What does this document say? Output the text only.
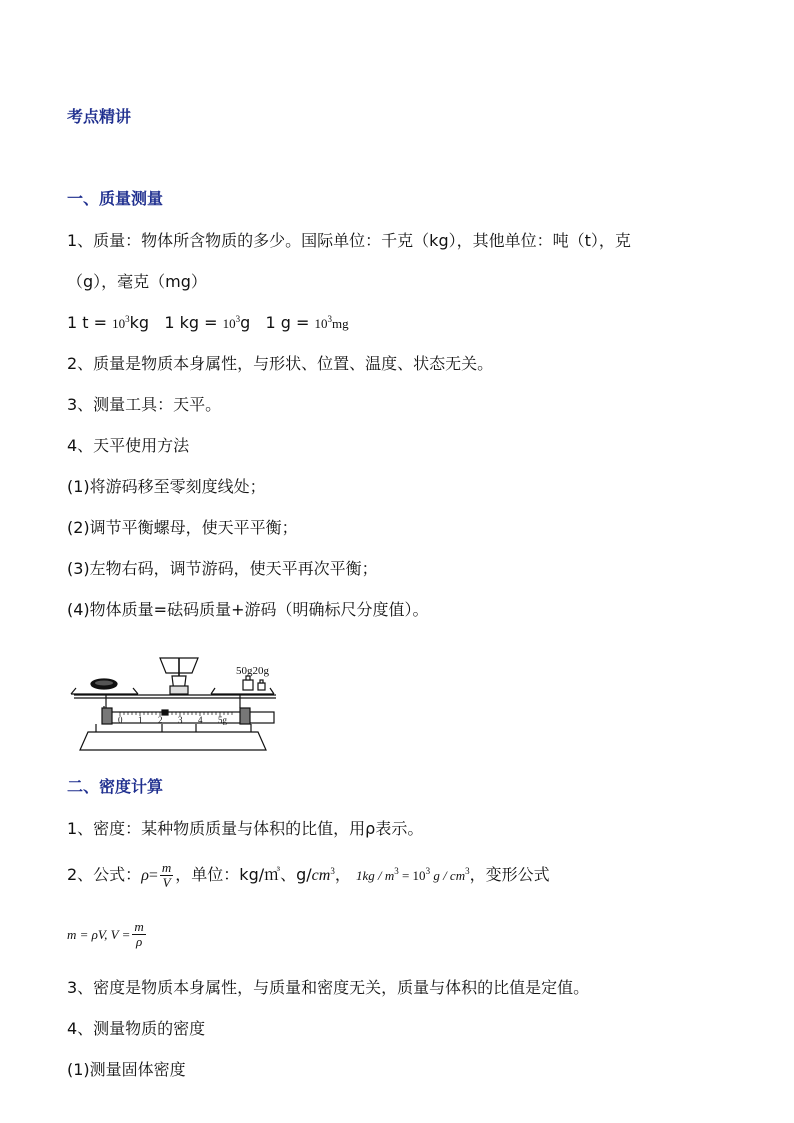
考点精讲
一、质量测量
1、质量：物体所含物质的多少。国际单位：千克（kg），其他单位：吨（t），克
（g），毫克（mg）
1 $t = 10^3kg$ 1 kg = $10^3g$ 1 $g = 10^3mg$
2、质量是物质本身属性，与形状、位置、温度、状态无关。
3、测量工具：天平。
4、天平使用方法
(1)将游码移至零刻度线处；
(2)调节平衡螺母，使天平平衡；
(3)左物右码，调节游码，使天平再次平衡；
(4)物体质量=砝码质量+游码（明确标尺分度值）。
0 1 2 3 4 5g
50g20g
二、密度计算
1、密度：某种物质质量与体积的比值，用ρ表示。
2、公式：$\rho= \frac{m}{V}$ ，单位：kg/㎥、$g/cm^3$， $1kg / m^3 = 10^3$ g / $cm^3$，变形公式
m = ρV, $V = \frac{m}{\rho}$
3、密度是物质本身属性，与质量和密度无关，质量与体积的比值是定值。
4、测量物质的密度
(1)测量固体密度
